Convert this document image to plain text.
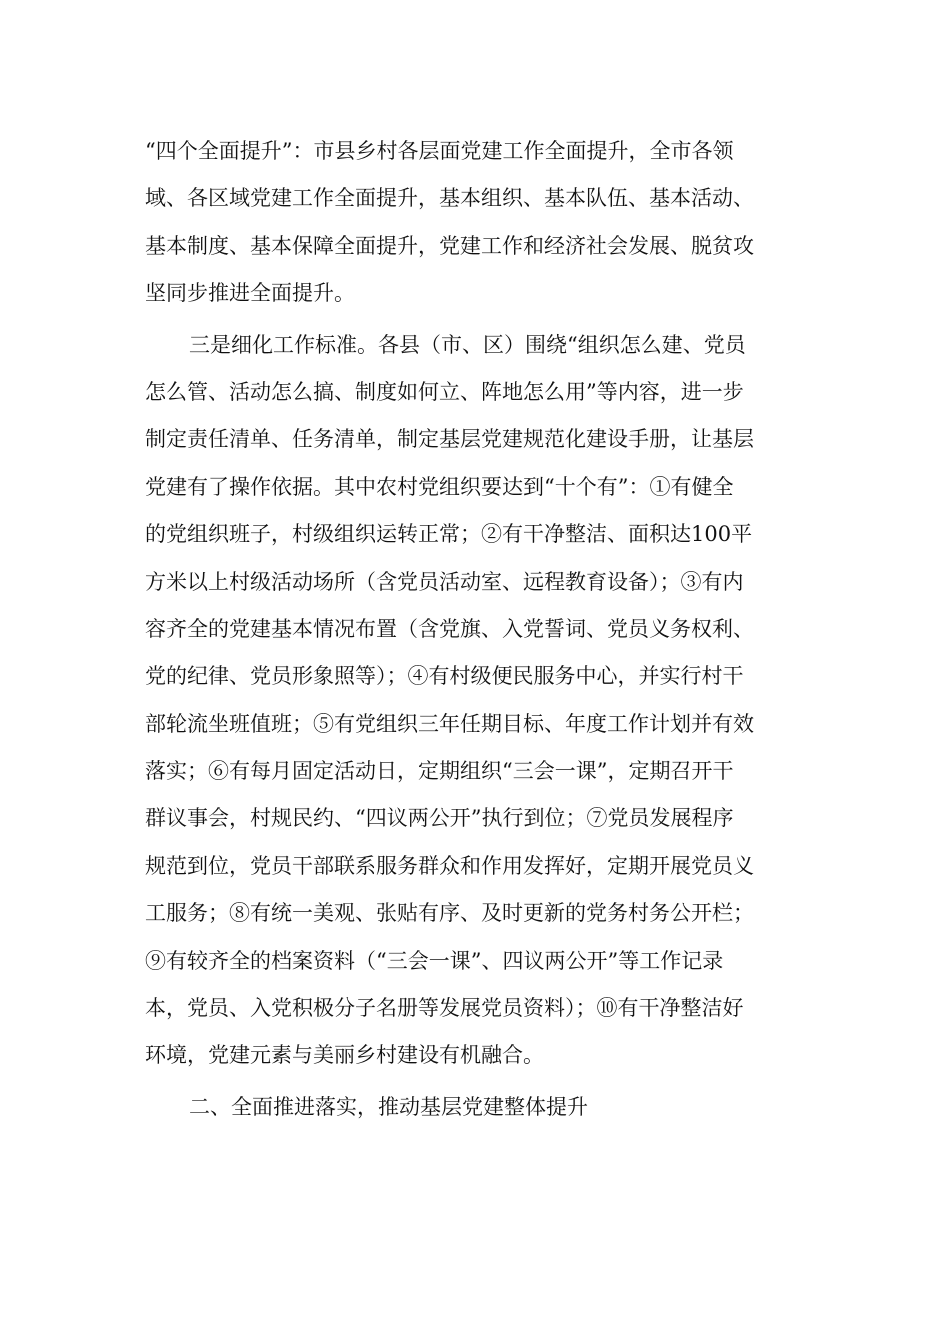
“四个全面提升”：市县乡村各层面党建工作全面提升，全市各领
域、各区域党建工作全面提升，基本组织、基本队伍、基本活动、
基本制度、基本保障全面提升，党建工作和经济社会发展、脱贫攻
坚同步推进全面提升。
三是细化工作标准。各县（市、区）围绕“组织怎么建、党员
怎么管、活动怎么搞、制度如何立、阵地怎么用”等内容，进一步
制定责任清单、任务清单，制定基层党建规范化建设手册，让基层
党建有了操作依据。其中农村党组织要达到“十个有”：①有健全
的党组织班子，村级组织运转正常；②有干净整洁、面积达100平
方米以上村级活动场所（含党员活动室、远程教育设备）；③有内
容齐全的党建基本情况布置（含党旗、入党誓词、党员义务权利、
党的纪律、党员形象照等）；④有村级便民服务中心，并实行村干
部轮流坐班值班；⑤有党组织三年任期目标、年度工作计划并有效
落实；⑥有每月固定活动日，定期组织“三会一课”，定期召开干
群议事会，村规民约、“四议两公开”执行到位；⑦党员发展程序
规范到位，党员干部联系服务群众和作用发挥好，定期开展党员义
工服务；⑧有统一美观、张贴有序、及时更新的党务村务公开栏；
⑨有较齐全的档案资料（“三会一课”、四议两公开”等工作记录
本，党员、入党积极分子名册等发展党员资料）；⑩有干净整洁好
环境，党建元素与美丽乡村建设有机融合。
二、全面推进落实，推动基层党建整体提升
